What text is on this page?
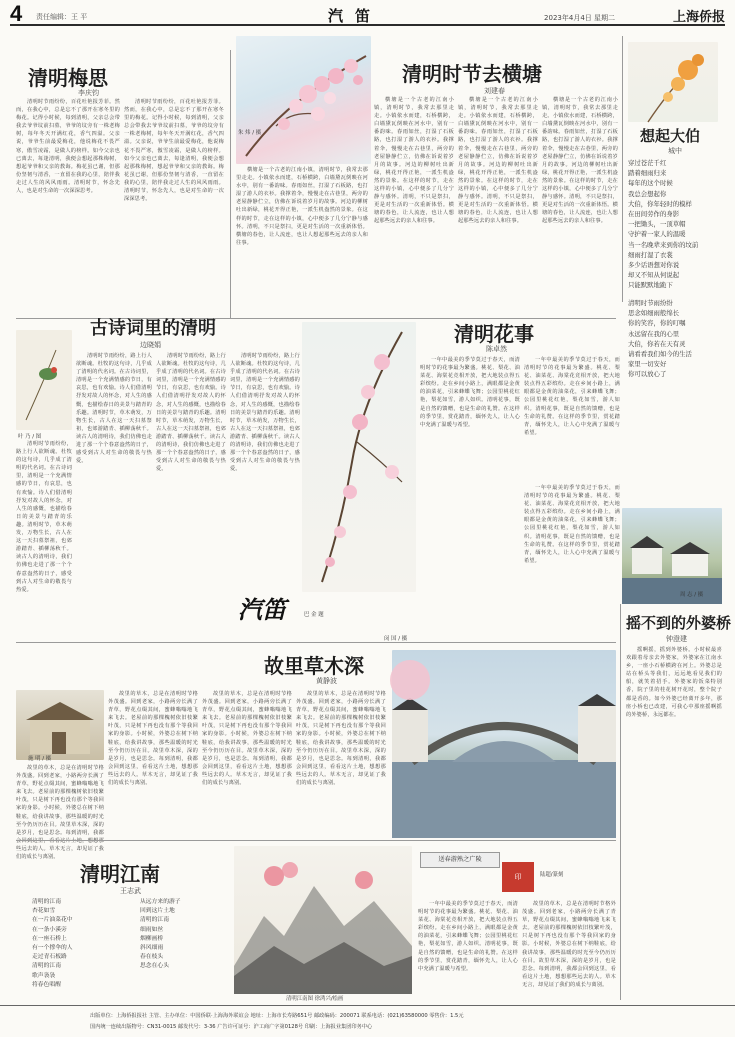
4 责任编辑：王 平	汽笛	2023年4月4日 星期二	上海侨报
清明梅思
李庆钧
清明时节雨纷纷，百花吐艳报芳菲。然而，在我心中，总是忘不了那开在寒冬里的梅花。记得小时候，每到清明，父亲总会带我去爷爷坟前扫墓，爷爷的坟旁有一株老梅树，每年冬天开满红花，香气四溢。父亲说，爷爷生前最爱梅花，他说梅花不畏严寒，傲雪凌霜，是做人的榜样。如今父亲也已离去，每逢清明，我便会想起那株梅树，想起爷爷和父亲的教诲。梅花虽已谢，但那份坚韧与清香，一直留在我的心里，陪伴我走过人生的风风雨雨。清明时节，怀念先人，也是对生命的一次深深思考。
清明时节雨纷纷，百花吐艳报芳菲。然而，在我心中，总是忘不了那开在寒冬里的梅花。记得小时候，每到清明，父亲总会带我去爷爷坟前扫墓，爷爷的坟旁有一株老梅树，每年冬天开满红花，香气四溢。父亲说，爷爷生前最爱梅花，他说梅花不畏严寒，傲雪凌霜，是做人的榜样。如今父亲也已离去，每逢清明，我便会想起那株梅树，想起爷爷和父亲的教诲。梅花虽已谢，但那份坚韧与清香，一直留在我的心里，陪伴我走过人生的风风雨雨。清明时节，怀念先人，也是对生命的一次深深思考。
朱 炜 / 摄
清明时节去横塘
刘建春
横塘是一个古老的江南小镇，清明时节，我常去那里走走。小镇依水而建，石桥横跨，白墙黛瓦倒映在河水中，别有一番韵味。春雨如丝，打湿了石板路，也打湿了游人的衣衫。我撑着伞，慢慢走在古巷里，两旁的老屋静静伫立，仿佛在诉说着岁月的故事。河边的柳树吐出新绿，桃花开得正艳，一派生机盎然的景象。在这样的时节，走在这样的小镇，心中便多了几分宁静与感怀。清明，不只是祭扫，更是对生活的一次重新体悟。横塘的春色，让人流连，也让人想起那些远去的亲人和往事。
横塘是一个古老的江南小镇，清明时节，我常去那里走走。小镇依水而建，石桥横跨，白墙黛瓦倒映在河水中，别有一番韵味。春雨如丝，打湿了石板路，也打湿了游人的衣衫。我撑着伞，慢慢走在古巷里，两旁的老屋静静伫立，仿佛在诉说着岁月的故事。河边的柳树吐出新绿，桃花开得正艳，一派生机盎然的景象。在这样的时节，走在这样的小镇，心中便多了几分宁静与感怀。清明，不只是祭扫，更是对生活的一次重新体悟。横塘的春色，让人流连，也让人想起那些远去的亲人和往事。
横塘是一个古老的江南小镇，清明时节，我常去那里走走。小镇依水而建，石桥横跨，白墙黛瓦倒映在河水中，别有一番韵味。春雨如丝，打湿了石板路，也打湿了游人的衣衫。我撑着伞，慢慢走在古巷里，两旁的老屋静静伫立，仿佛在诉说着岁月的故事。河边的柳树吐出新绿，桃花开得正艳，一派生机盎然的景象。在这样的时节，走在这样的小镇，心中便多了几分宁静与感怀。清明，不只是祭扫，更是对生活的一次重新体悟。横塘的春色，让人流连，也让人想起那些远去的亲人和往事。
横塘是一个古老的江南小镇，清明时节，我常去那里走走。小镇依水而建，石桥横跨，白墙黛瓦倒映在河水中，别有一番韵味。春雨如丝，打湿了石板路，也打湿了游人的衣衫。我撑着伞，慢慢走在古巷里，两旁的老屋静静伫立，仿佛在诉说着岁月的故事。河边的柳树吐出新绿，桃花开得正艳，一派生机盎然的景象。在这样的时节，走在这样的小镇，心中便多了几分宁静与感怀。清明，不只是祭扫，更是对生活的一次重新体悟。横塘的春色，让人流连，也让人想起那些远去的亲人和往事。
想起大伯
城中
穿过苍茫千红
踏着细雨归来
每年的这个时候
我总会想起你
大伯，你年轻时的模样
在田间劳作的身影
一把锄头，一顶草帽
守护着一家人的温暖
当一名晚辈来到你的坟前
细雨打湿了衣裳
多少话语想对你说
却又不知从何说起
只能默默地跪下
清明时节雨纷纷
思念如细雨般绵长
你的笑容，你的叮嘱
永远留在我的心里
大伯，你若在天有灵
请看看我们如今的生活
家里一切安好
你可以放心了
叶 乃 / 图
古诗词里的清明
边晓娟
清明时节雨纷纷，路上行人欲断魂。杜牧的这句诗，几乎成了清明的代名词。在古诗词里，清明是一个充满情感的节日，有哀思，也有欢愉。诗人们借清明抒发对故人的怀念，对人生的感慨，也描绘春日的美景与踏青的乐趣。清明时节，草木萌发，万物生长，古人在这一天扫墓祭祖，也郊游踏青、插柳荡秋千。读古人的清明诗，我们仿佛也走进了那一个个春意盎然的日子，感受到古人对生命的敬畏与热爱。
清明时节雨纷纷，路上行人欲断魂。杜牧的这句诗，几乎成了清明的代名词。在古诗词里，清明是一个充满情感的节日，有哀思，也有欢愉。诗人们借清明抒发对故人的怀念，对人生的感慨，也描绘春日的美景与踏青的乐趣。清明时节，草木萌发，万物生长，古人在这一天扫墓祭祖，也郊游踏青、插柳荡秋千。读古人的清明诗，我们仿佛也走进了那一个个春意盎然的日子，感受到古人对生命的敬畏与热爱。
清明时节雨纷纷，路上行人欲断魂。杜牧的这句诗，几乎成了清明的代名词。在古诗词里，清明是一个充满情感的节日，有哀思，也有欢愉。诗人们借清明抒发对故人的怀念，对人生的感慨，也描绘春日的美景与踏青的乐趣。清明时节，草木萌发，万物生长，古人在这一天扫墓祭祖，也郊游踏青、插柳荡秋千。读古人的清明诗，我们仿佛也走进了那一个个春意盎然的日子，感受到古人对生命的敬畏与热爱。
清明时节雨纷纷，路上行人欲断魂。杜牧的这句诗，几乎成了清明的代名词。在古诗词里，清明是一个充满情感的节日，有哀思，也有欢愉。诗人们借清明抒发对故人的怀念，对人生的感慨，也描绘春日的美景与踏青的乐趣。清明时节，草木萌发，万物生长，古人在这一天扫墓祭祖，也郊游踏青、插柳荡秋千。读古人的清明诗，我们仿佛也走进了那一个个春意盎然的日子，感受到古人对生命的敬畏与热爱。
汽笛	巴 金 题
闵 国 / 摄
清明花事
陈卓然
一年中最美的季节莫过于春天，而清明时节的花事最为繁盛。桃花、梨花、油菜花、海棠花竞相开放，把大地装点得五彩缤纷。走在乡间小路上，满眼都是金黄的油菜花，引来蜂蝶飞舞；公园里桃花红艳，梨花如雪，游人如织。清明花事，既是自然的馈赠，也是生命的礼赞。在这样的季节里，赏花踏青，缅怀先人，让人心中充满了温暖与希望。
一年中最美的季节莫过于春天，而清明时节的花事最为繁盛。桃花、梨花、油菜花、海棠花竞相开放，把大地装点得五彩缤纷。走在乡间小路上，满眼都是金黄的油菜花，引来蜂蝶飞舞；公园里桃花红艳，梨花如雪，游人如织。清明花事，既是自然的馈赠，也是生命的礼赞。在这样的季节里，赏花踏青，缅怀先人，让人心中充满了温暖与希望。
周 志 / 摄
一年中最美的季节莫过于春天，而清明时节的花事最为繁盛。桃花、梨花、油菜花、海棠花竞相开放，把大地装点得五彩缤纷。走在乡间小路上，满眼都是金黄的油菜花，引来蜂蝶飞舞；公园里桃花红艳，梨花如雪，游人如织。清明花事，既是自然的馈赠，也是生命的礼赞。在这样的季节里，赏花踏青，缅怀先人，让人心中充满了温暖与希望。
摇不到的外婆桥
钟澄建
摇啊摇，摇到外婆桥。小时候最喜欢跟着母亲去外婆家，外婆家在江南水乡，一座小石桥横跨在河上。外婆总是站在桥头等我们，远远地看见我们的船，就笑着招手。外婆家的饭菜特别香，院子里的桂花树开花时，整个院子都是香的。如今外婆已经离开多年，那座小桥也已改建，可我心中那座摇啊摇的外婆桥，永远都在。
故里草木深
黄静波
施 明 / 摄
故里的草木，总是在清明时节格外茂盛。回到老家，小路两旁长满了青草，野花点缀其间，蜜蜂嗡嗡地飞来飞去。老屋前的那棵槐树依旧枝繁叶茂，只是树下再也没有那个等我回家的身影。小时候，外婆总在树下纳鞋底，给我讲故事，那些温暖的时光至今仍历历在目。故里草木深，深的是岁月，也是思念。每到清明，我都 些远去的人。草木无言，却见证了我们的成长与离别。
故里的草木，总是在清明时节格外茂盛。回到老家，小路两旁长满了青草，野花点缀其间，蜜蜂嗡嗡地飞来飞去。老屋前的那棵槐树依旧枝繁叶茂，只是树下再也没有那个等我回家的身影。小时候，外婆总在树下纳鞋底，给我讲故事，那些温暖的时光至今仍历历在目。故里草木深，深的是岁月，也是思念。每到清明，我都会回到这里，看看这片土地，想想那些远去的人。草木无言，却见证了我们的成长与离别。
故里的草木，总是在清明时节格外茂盛。回到老家，小路两旁长满了青草，野花点缀其间，蜜蜂嗡嗡地飞来飞去。老屋前的那棵槐树依旧枝繁叶茂，只是树下再也没有那个等我回家的身影。小时候，外婆总在树下纳鞋底，给我讲故事，那些温暖的时光至今仍历历在目。故里草木深，深的是岁月，也是思念。每到清明，我都会回到这里，看看这片土地，想想那些远去的人。草木无言，却见证了我们的成长与离别。
故里的草木，总是在清明时节格外茂盛。回到老家，小路两旁长满了青草，野花点缀其间，蜜蜂嗡嗡地飞来飞去。老屋前的那棵槐树依旧枝繁叶茂，只是树下再也没有那个等我回家的身影。小时候，外婆总在树下纳鞋底，给我讲故事，那些温暖的时光至今仍历历在目。故里草木深，深的是岁月，也是思念。每到清明，我都会回到这里，看看这片土地，想想那些远去的人。草木无言，却见证了我们的成长与离别。
清明江南
王志武
清明的江南
杏花如雪
在一片油菜花中
在一条小溪旁
在一座石桥上
有一个撑伞的人
走过青石板路
清明的江南
歌声袅袅
将春色唱醒
从远方来的游子
回到这片土地
清明的江南
细雨如丝
烟柳画桥
斜风细雨
春在枝头
思念在心头
清明江南图 徐鸿兴/绘画
送春游熟之广陵
印	陆超/篆刻
一年中最美的季节莫过于春天，而清明时节的花事最为繁盛。桃花、梨花、油菜花、海棠花竞相开放，把大地装点得五彩缤纷。走在乡间小路上，满眼都是金黄的油菜花，引来蜂蝶飞舞；公园里桃花红艳，梨花如雪，游人如织。清明花事，既是自然的馈赠，也是生命的礼赞。在这样的季节里，赏花踏青，缅怀先人，让人心中充满了温暖与希望。
故里的草木，总是在清明时节格外茂盛。回到老家，小路两旁长满了青草，野花点缀其间，蜜蜂嗡嗡地飞来飞去。老屋前的那棵槐树依旧枝繁叶茂，只是树下再也没有那个等我回家的身影。小时候，外婆总在树下纳鞋底，给我讲故事，那些温暖的时光至今仍历历在目。故里草木深，深的是岁月，也是思念。每到清明，我都会回到这里，看看这片土地，想想那些远去的人。草木无言，却见证了我们的成长与离别。
出版单位：上海侨报报社 主管、主办单位：中国侨联·上海海外联谊会 地址：上海市长寿路651号 邮政编码：200071 联系电话：(021)63580000 零售价：1.5元
国内统一连续出版物号：CN31-0015 邮发代号：3-36 广告许可证号：沪工商广字第0128号 印刷：上海报业集团印务中心
